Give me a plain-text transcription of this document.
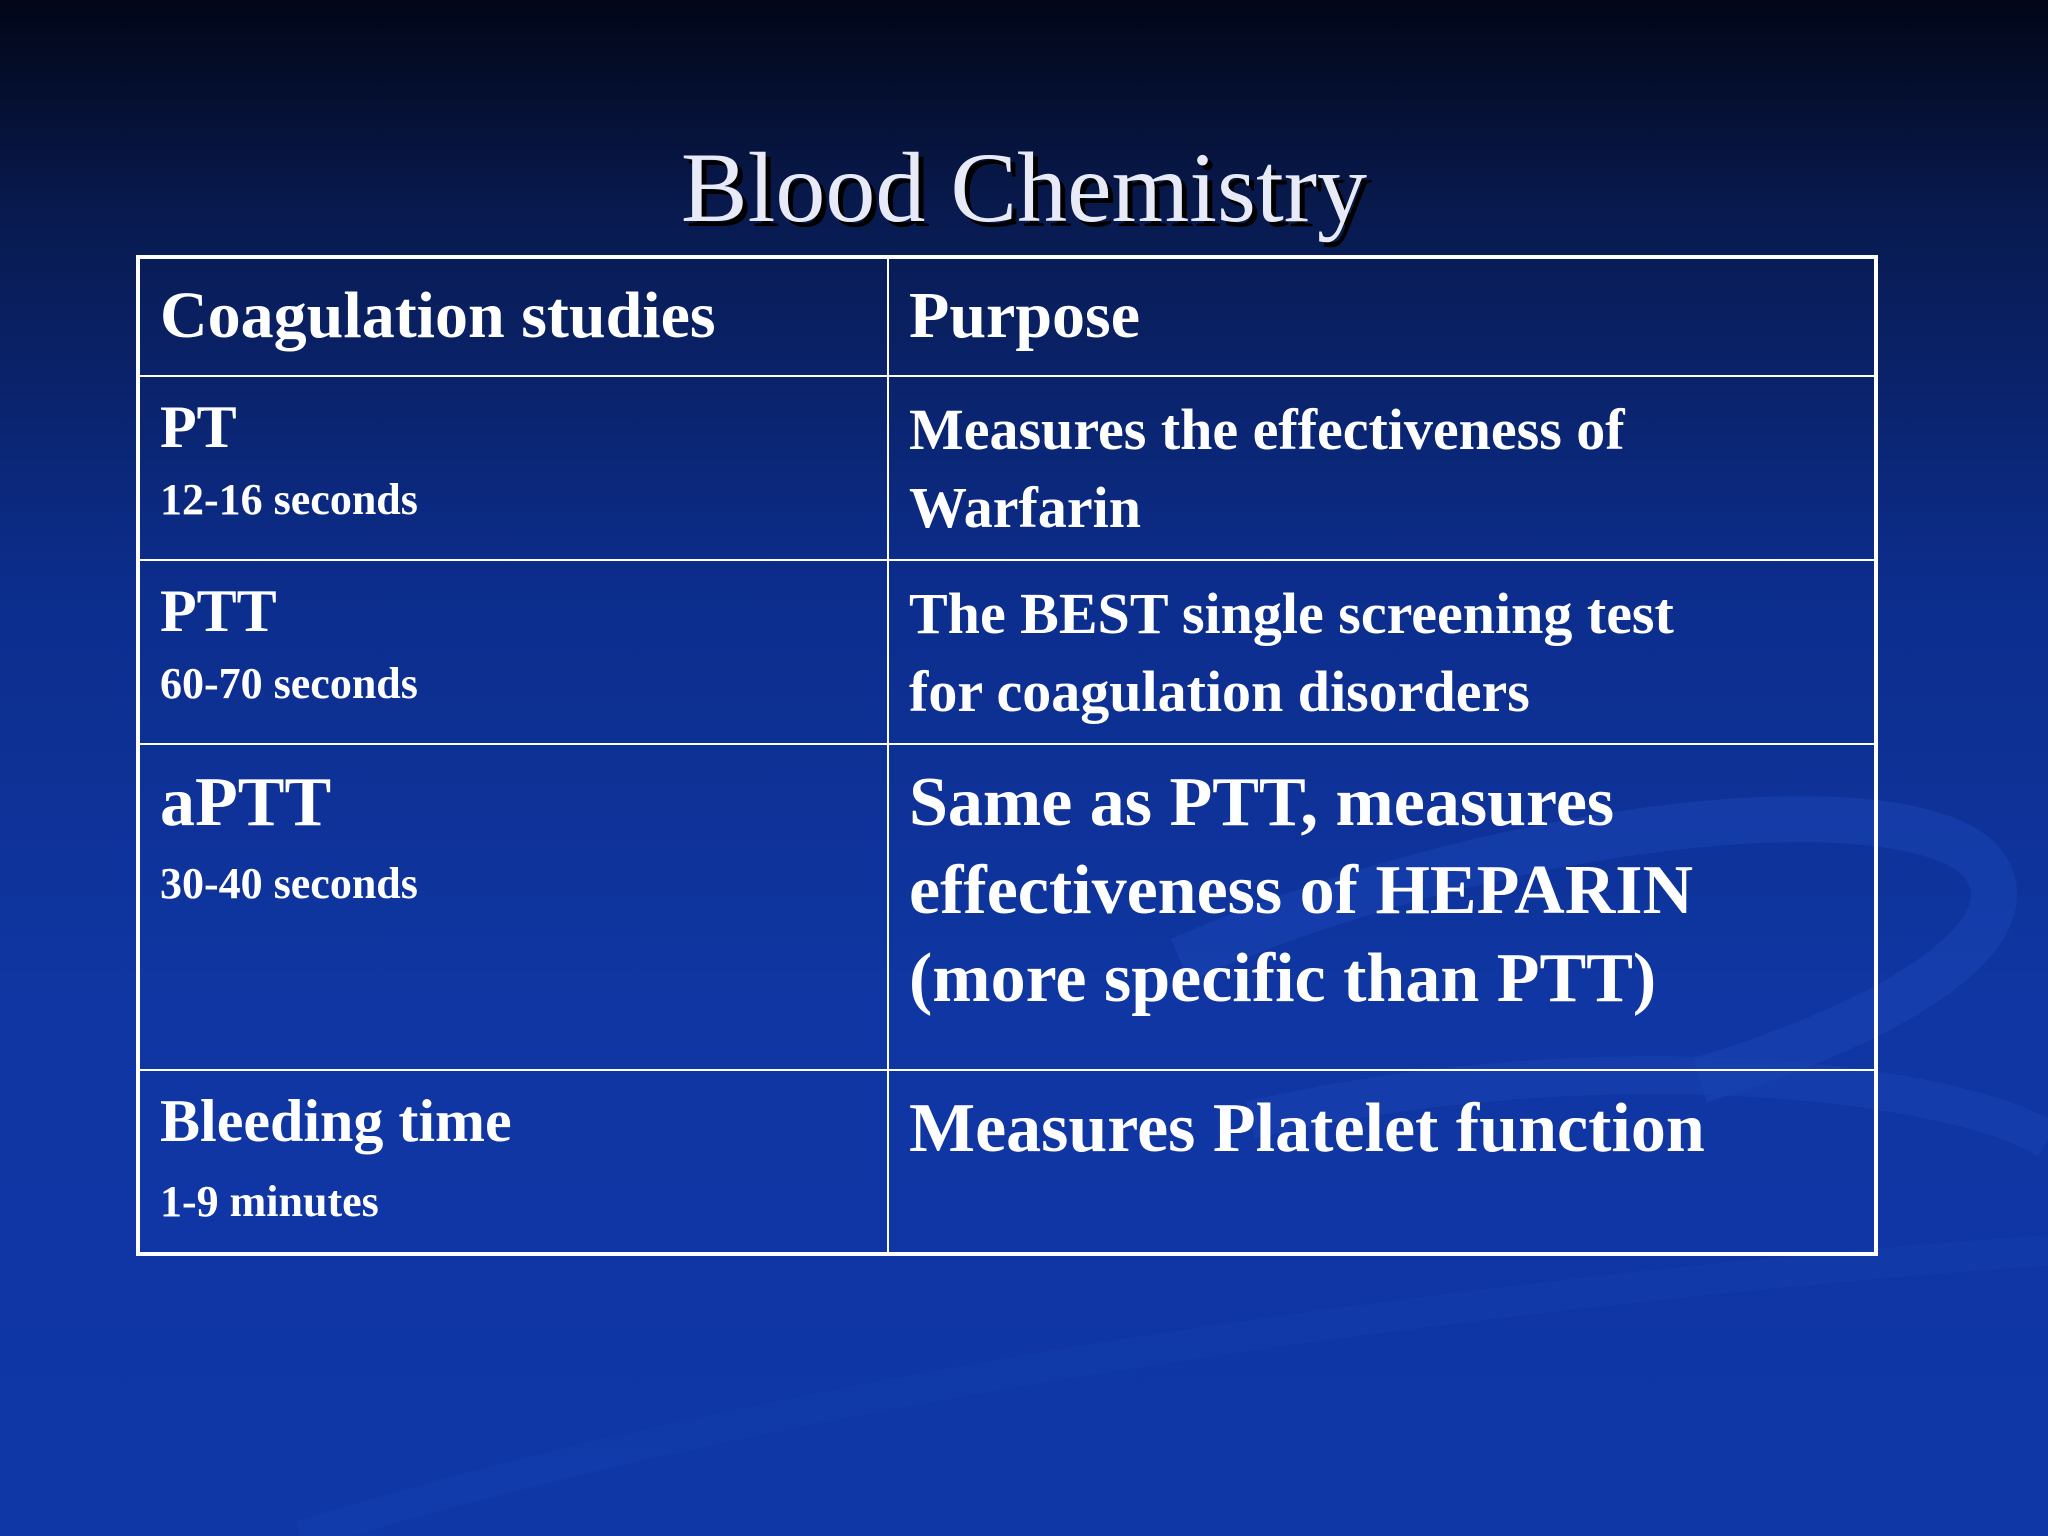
Blood Chemistry
Coagulation studies	Purpose

PT
12-16 seconds	Measures the effectiveness of
Warfarin

PTT
60-70 seconds	The BEST single screening test
for coagulation disorders

aPTT
30-40 seconds	Same as PTT, measures
effectiveness of HEPARIN
(more specific than PTT)

Bleeding time
1-9 minutes	Measures Platelet function
